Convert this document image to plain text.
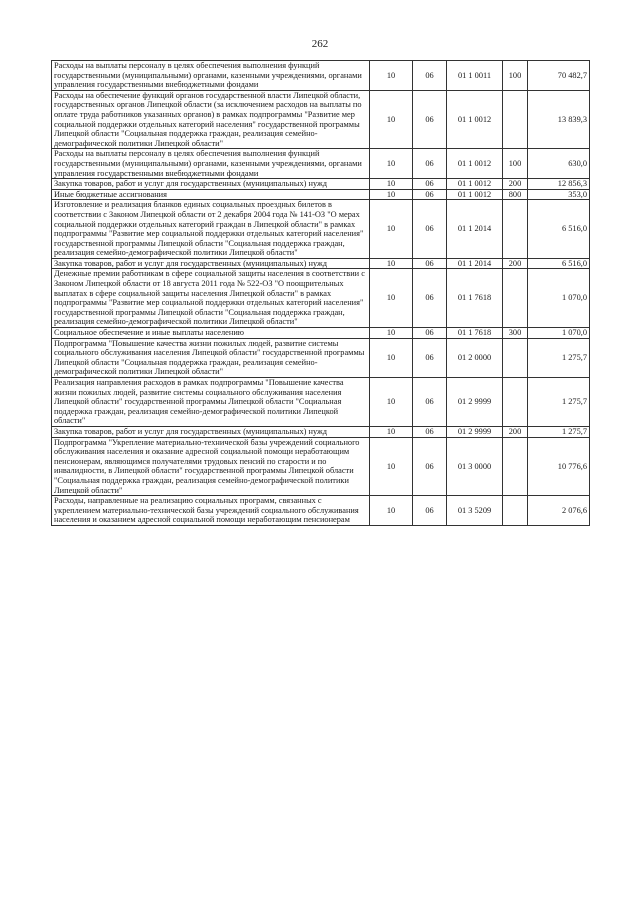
262
Расходы на выплаты персоналу в целях обеспечения выполнения функций государственными (муниципальными) органами, казенными учреждениями, органами управления государственными внебюджетными фондами	10	06	01 1 0011	100	70 482,7
Расходы на обеспечение функций органов государственной власти Липецкой области, государственных органов Липецкой области (за исключением расходов на выплаты по оплате труда работников указанных органов) в рамках подпрограммы "Развитие мер социальной поддержки отдельных категорий населения" государственной программы Липецкой области "Социальная поддержка граждан, реализация семейно-демографической политики Липецкой области"	10	06	01 1 0012		13 839,3
Расходы на выплаты персоналу в целях обеспечения выполнения функций государственными (муниципальными) органами, казенными учреждениями, органами управления государственными внебюджетными фондами	10	06	01 1 0012	100	630,0
Закупка товаров, работ и услуг для государственных (муниципальных) нужд	10	06	01 1 0012	200	12 856,3
Иные бюджетные ассигнования	10	06	01 1 0012	800	353,0
Изготовление и реализация бланков единых социальных проездных билетов в соответствии с Законом Липецкой области от 2 декабря 2004 года № 141-ОЗ "О мерах социальной поддержки отдельных категорий граждан в Липецкой области" в рамках подпрограммы "Развитие мер социальной поддержки отдельных категорий населения" государственной программы Липецкой области "Социальная поддержка граждан, реализация семейно-демографической политики Липецкой области"	10	06	01 1 2014		6 516,0
Закупка товаров, работ и услуг для государственных (муниципальных) нужд	10	06	01 1 2014	200	6 516,0
Денежные премии работникам в сфере социальной защиты населения в соответствии с Законом Липецкой области от 18 августа 2011 года № 522-ОЗ "О поощрительных выплатах в сфере социальной защиты населения Липецкой области" в рамках подпрограммы "Развитие мер социальной поддержки отдельных категорий населения" государственной программы Липецкой области "Социальная поддержка граждан, реализация семейно-демографической политики Липецкой области"	10	06	01 1 7618		1 070,0
Социальное обеспечение и иные выплаты населению	10	06	01 1 7618	300	1 070,0
Подпрограмма "Повышение качества жизни пожилых людей, развитие системы социального обслуживания населения Липецкой области" государственной программы Липецкой области "Социальная поддержка граждан, реализация семейно-демографической политики Липецкой области"	10	06	01 2 0000		1 275,7
Реализация направления расходов в рамках подпрограммы "Повышение качества жизни пожилых людей, развитие системы социального обслуживания населения Липецкой области" государственной программы Липецкой области "Социальная поддержка граждан, реализация семейно-демографической политики Липецкой области"	10	06	01 2 9999		1 275,7
Закупка товаров, работ и услуг для государственных (муниципальных) нужд	10	06	01 2 9999	200	1 275,7
Подпрограмма "Укрепление материально-технической базы учреждений социального обслуживания населения и оказание адресной социальной помощи неработающим пенсионерам, являющимся получателями трудовых пенсий по старости и по инвалидности, в Липецкой области" государственной программы Липецкой области "Социальная поддержка граждан, реализация семейно-демографической политики Липецкой области"	10	06	01 3 0000		10 776,6
Расходы, направленные на реализацию социальных программ, связанных с укреплением материально-технической базы учреждений социального обслуживания населения и оказанием адресной социальной помощи неработающим пенсионерам	10	06	01 3 5209		2 076,6
